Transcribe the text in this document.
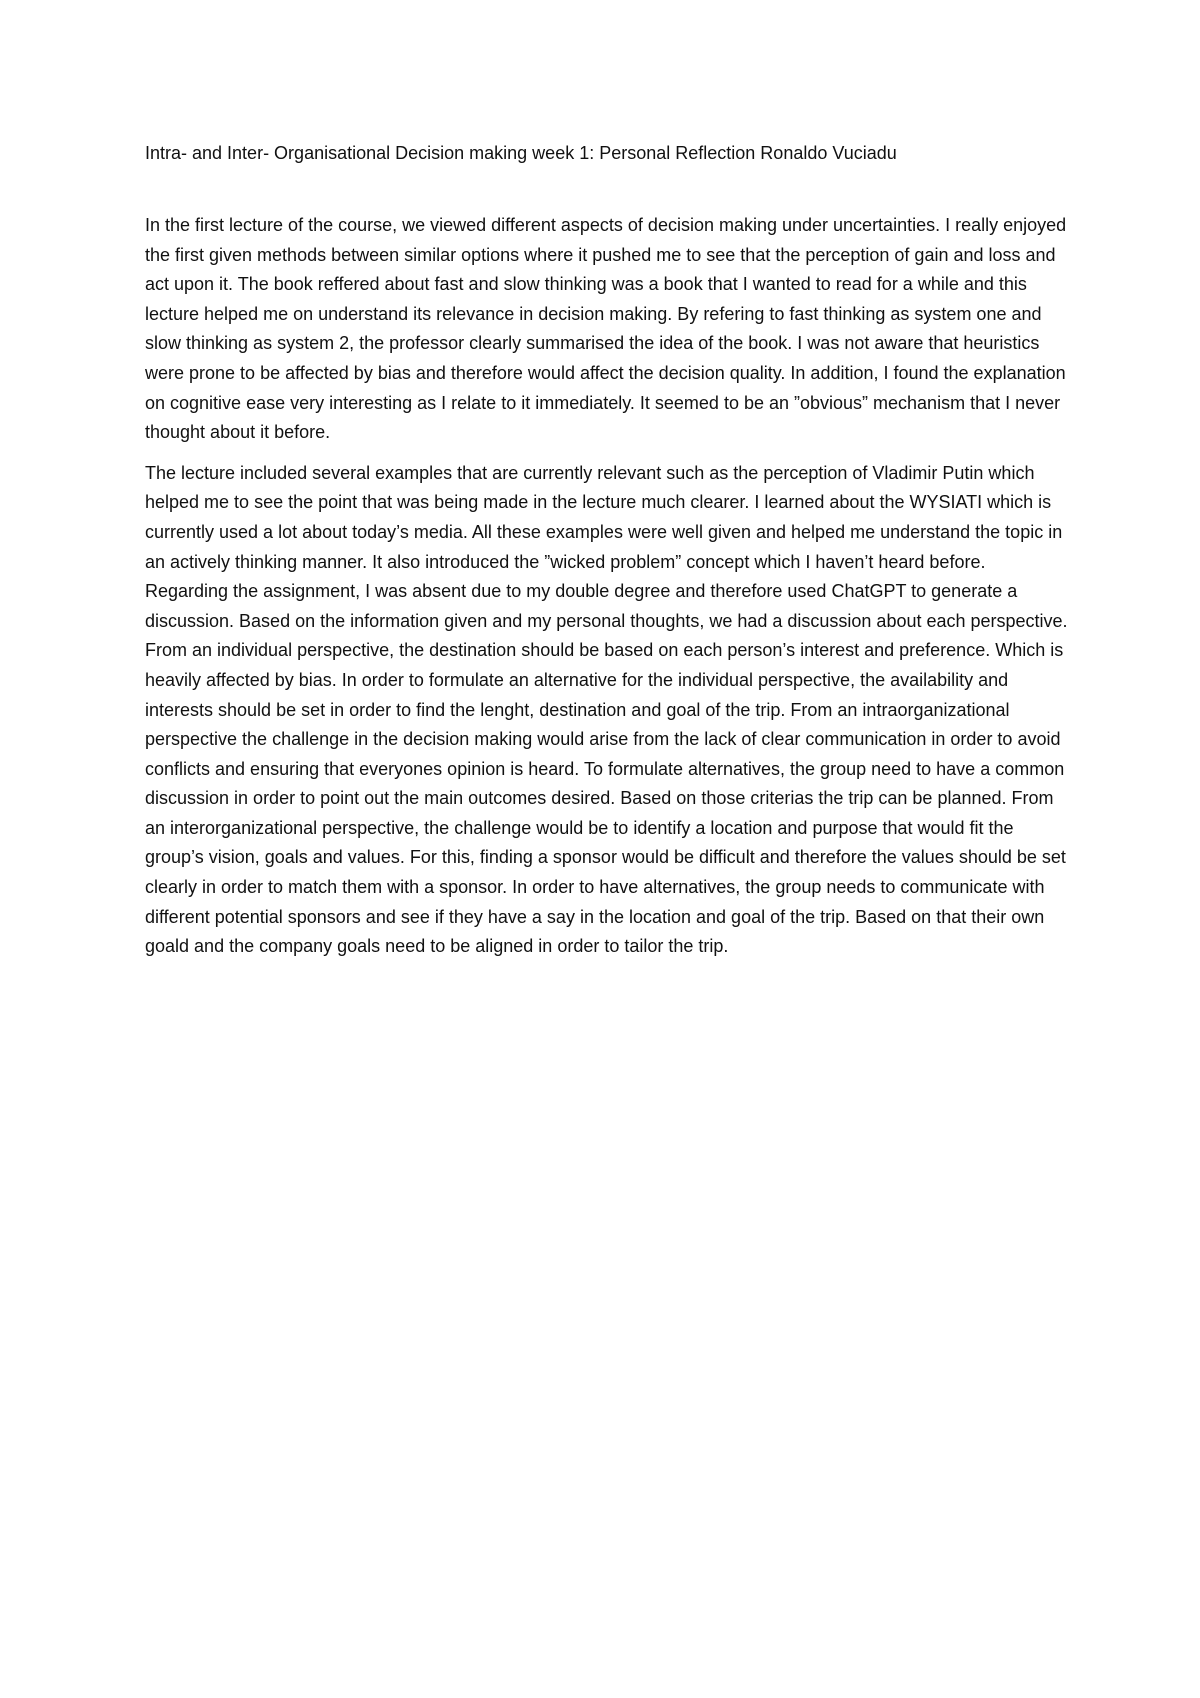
Intra- and Inter- Organisational Decision making week 1: Personal Reflection Ronaldo Vuciadu

In the first lecture of the course, we viewed different aspects of decision making under uncertainties. I really enjoyed the first given methods between similar options where it pushed me to see that the perception of gain and loss and act upon it. The book reffered about fast and slow thinking was a book that I wanted to read for a while and this lecture helped me on understand its relevance in decision making. By refering to fast thinking as system one and slow thinking as system 2, the professor clearly summarised the idea of the book. I was not aware that heuristics were prone to be affected by bias and therefore would affect the decision quality. In addition, I found the explanation on cognitive ease very interesting as I relate to it immediately. It seemed to be an ”obvious” mechanism that I never thought about it before.

The lecture included several examples that are currently relevant such as the perception of Vladimir Putin which helped me to see the point that was being made in the lecture much clearer. I learned about the WYSIATI which is currently used a lot about today’s media. All these examples were well given and helped me understand the topic in an actively thinking manner. It also introduced the ”wicked problem” concept which I haven’t heard before. Regarding the assignment, I was absent due to my double degree and therefore used ChatGPT to generate a discussion. Based on the information given and my personal thoughts, we had a discussion about each perspective. From an individual perspective, the destination should be based on each person’s interest and preference. Which is heavily affected by bias. In order to formulate an alternative for the individual perspective, the availability and interests should be set in order to find the lenght, destination and goal of the trip. From an intraorganizational perspective the challenge in the decision making would arise from the lack of clear communication in order to avoid conflicts and ensuring that everyones opinion is heard. To formulate alternatives, the group need to have a common discussion in order to point out the main outcomes desired. Based on those criterias the trip can be planned. From an interorganizational perspective, the challenge would be to identify a location and purpose that would fit the group’s vision, goals and values. For this, finding a sponsor would be difficult and therefore the values should be set clearly in order to match them with a sponsor. In order to have alternatives, the group needs to communicate with different potential sponsors and see if they have a say in the location and goal of the trip. Based on that their own goald and the company goals need to be aligned in order to tailor the trip.
